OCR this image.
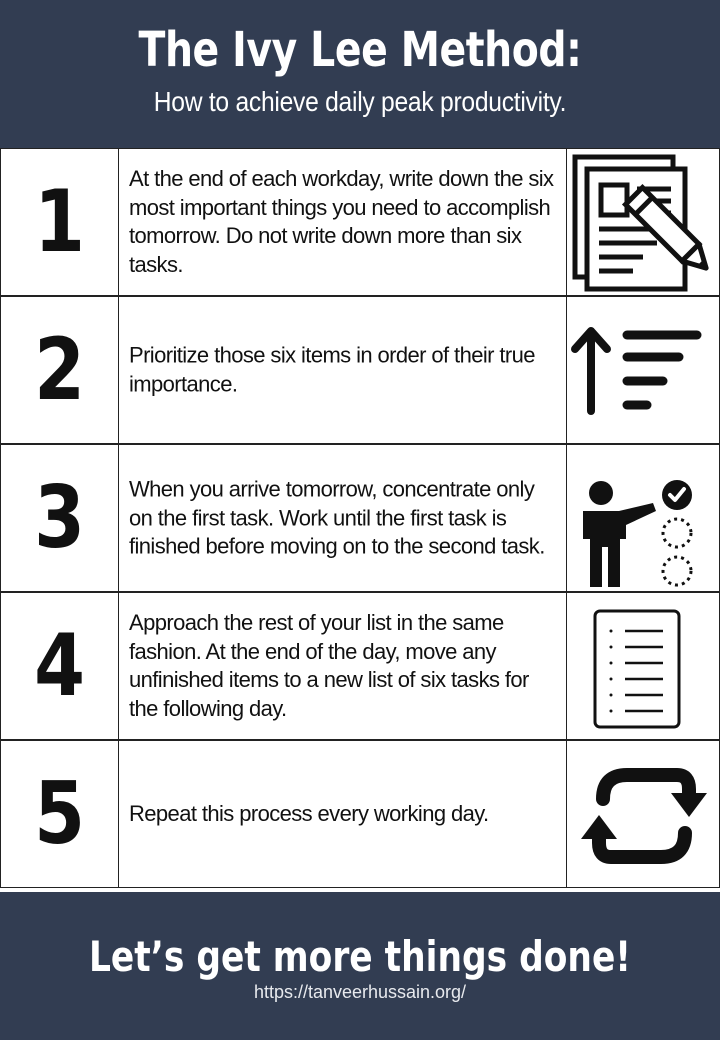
The Ivy Lee Method:
How to achieve daily peak productivity.
1	At the end of each workday, write down the six most important things you need to accomplish tomorrow. Do not write down more than six tasks.
2	Prioritize those six items in order of their true importance.
3	When you arrive tomorrow, concentrate only on the first task. Work until the first task is finished before moving on to the second task.
4	Approach the rest of your list in the same fashion. At the end of the day, move any unfinished items to a new list of six tasks for the following day.
5	Repeat this process every working day.
Let’s get more things done!
https://tanveerhussain.org/
